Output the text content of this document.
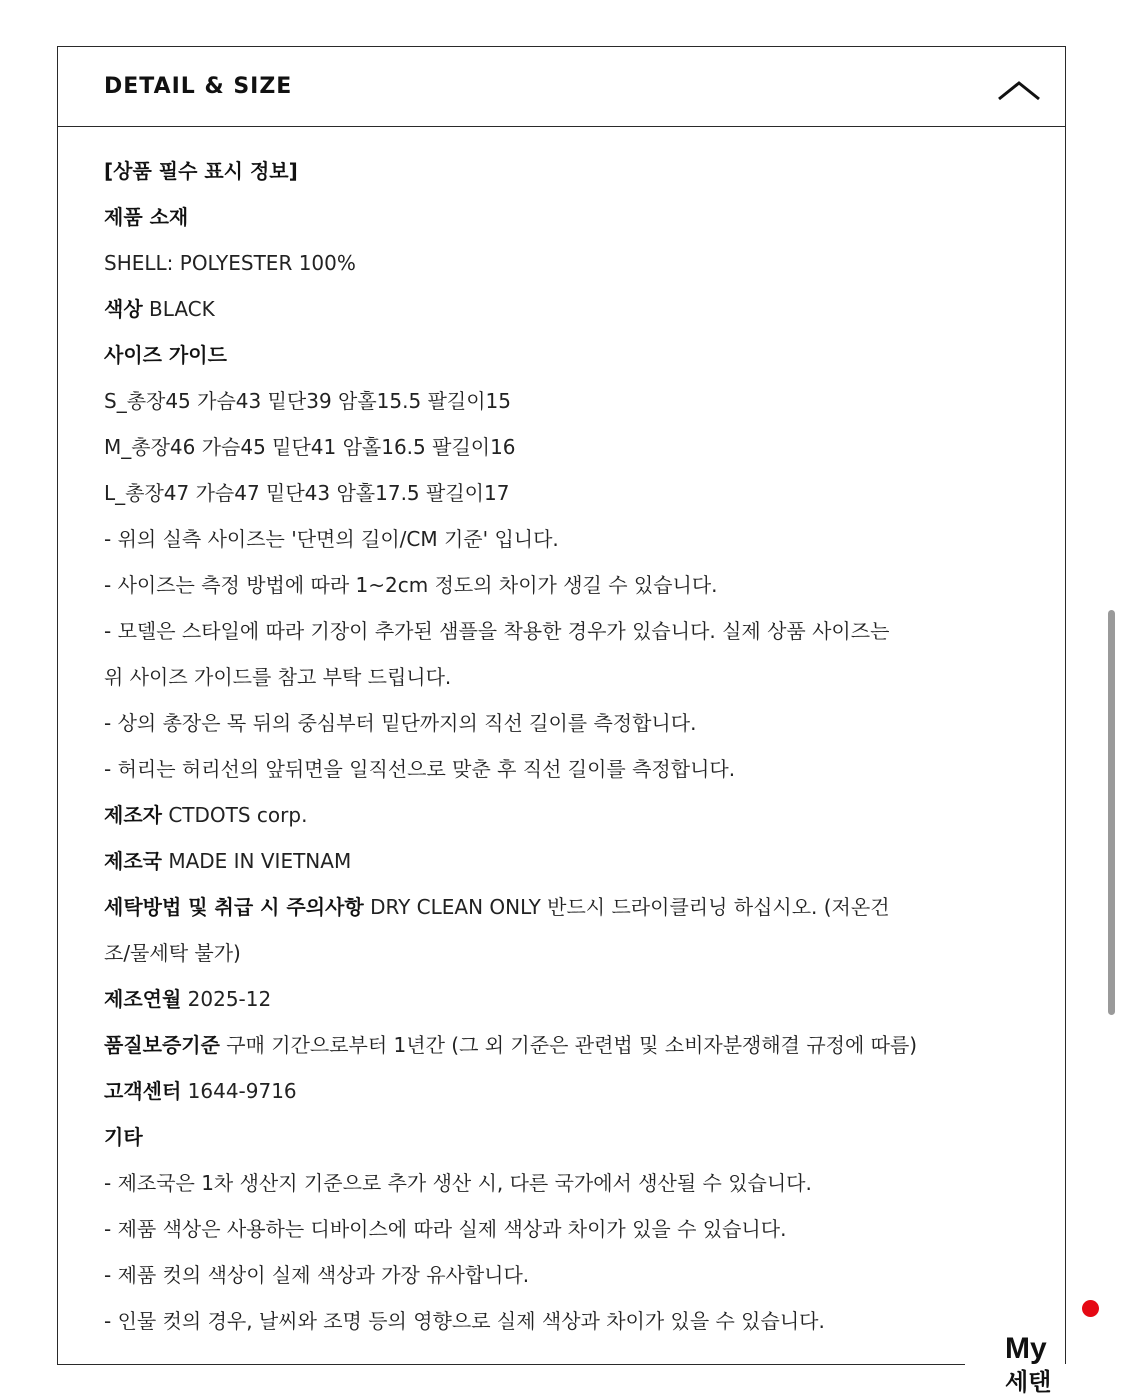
DETAIL & SIZE
[상품 필수 표시 정보]
제품 소재
SHELL: POLYESTER 100%
색상 BLACK
사이즈 가이드
S_총장45 가슴43 밑단39 암홀15.5 팔길이15
M_총장46 가슴45 밑단41 암홀16.5 팔길이16
L_총장47 가슴47 밑단43 암홀17.5 팔길이17
- 위의 실측 사이즈는 '단면의 길이/CM 기준' 입니다.
- 사이즈는 측정 방법에 따라 1~2cm 정도의 차이가 생길 수 있습니다.
- 모델은 스타일에 따라 기장이 추가된 샘플을 착용한 경우가 있습니다. 실제 상품 사이즈는
위 사이즈 가이드를 참고 부탁 드립니다.
- 상의 총장은 목 뒤의 중심부터 밑단까지의 직선 길이를 측정합니다.
- 허리는 허리선의 앞뒤면을 일직선으로 맞춘 후 직선 길이를 측정합니다.
제조자 CTDOTS corp.
제조국 MADE IN VIETNAM
세탁방법 및 취급 시 주의사항 DRY CLEAN ONLY 반드시 드라이클리닝 하십시오. (저온건
조/물세탁 불가)
제조연월 2025-12
품질보증기준 구매 기간으로부터 1년간 (그 외 기준은 관련법 및 소비자분쟁해결 규정에 따름)
고객센터 1644-9716
기타
- 제조국은 1차 생산지 기준으로 추가 생산 시, 다른 국가에서 생산될 수 있습니다.
- 제품 색상은 사용하는 디바이스에 따라 실제 색상과 차이가 있을 수 있습니다.
- 제품 컷의 색상이 실제 색상과 가장 유사합니다.
- 인물 컷의 경우, 날씨와 조명 등의 영향으로 실제 색상과 차이가 있을 수 있습니다.
My
세탠
